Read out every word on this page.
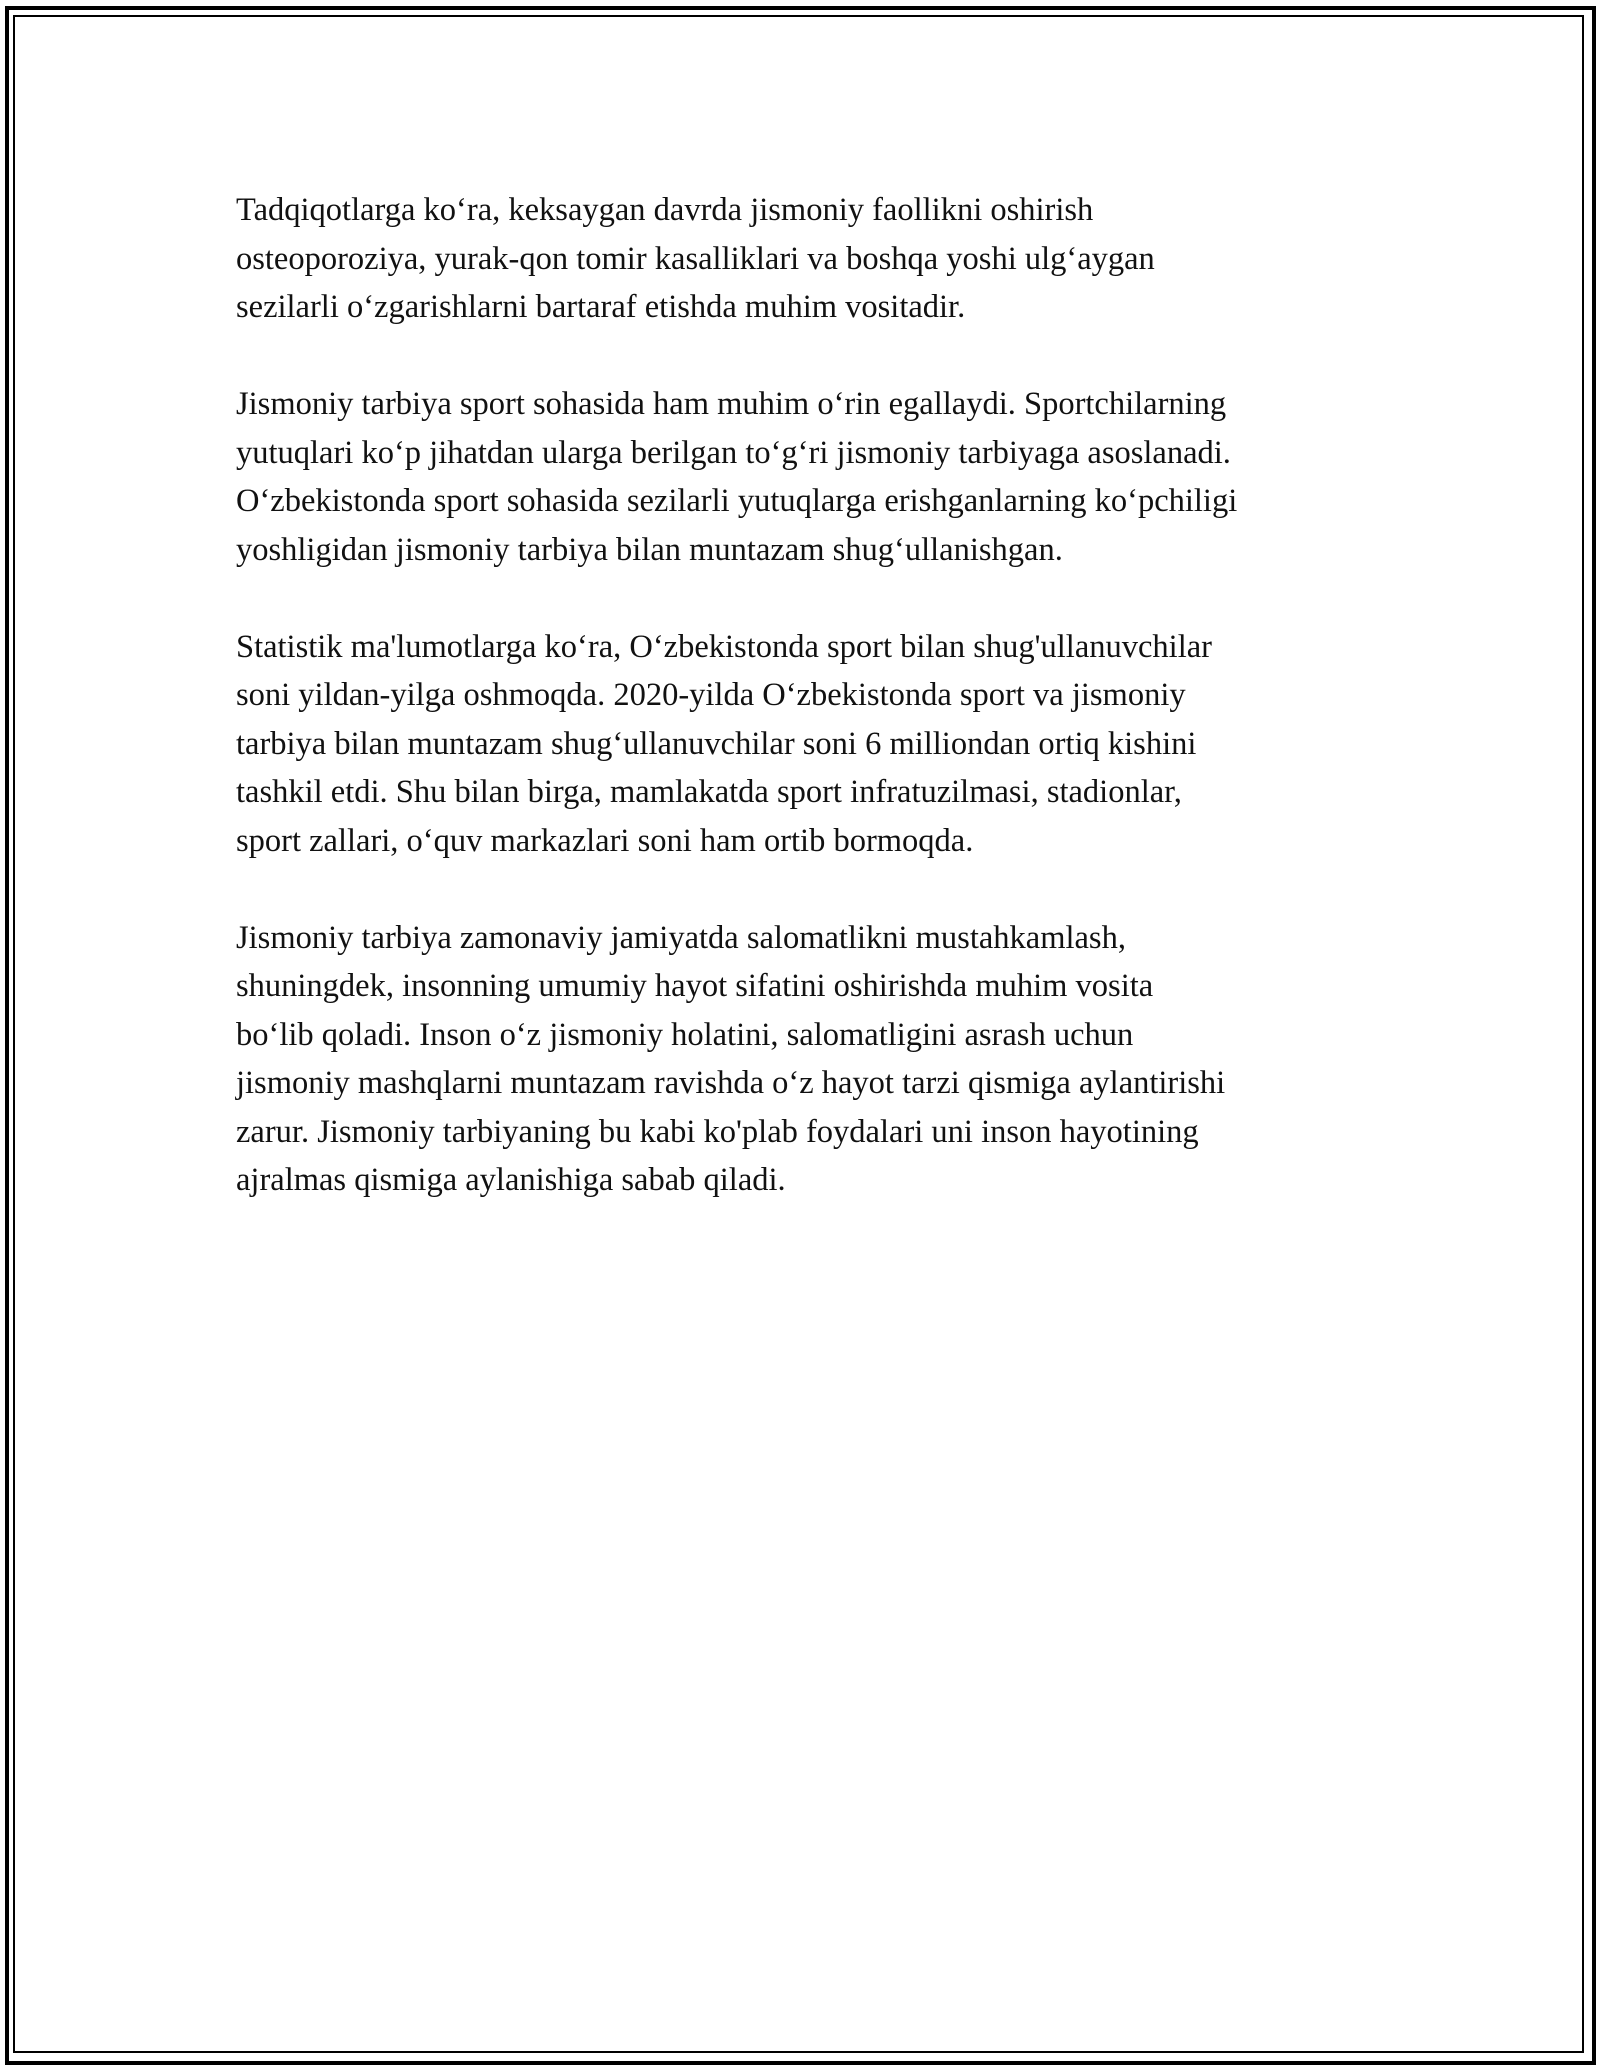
Tadqiqotlarga ko‘ra, keksaygan davrda jismoniy faollikni oshirish
osteoporoziya, yurak-qon tomir kasalliklari va boshqa yoshi ulg‘aygan
sezilarli o‘zgarishlarni bartaraf etishda muhim vositadir.

Jismoniy tarbiya sport sohasida ham muhim o‘rin egallaydi. Sportchilarning
yutuqlari ko‘p jihatdan ularga berilgan to‘g‘ri jismoniy tarbiyaga asoslanadi.
O‘zbekistonda sport sohasida sezilarli yutuqlarga erishganlarning ko‘pchiligi
yoshligidan jismoniy tarbiya bilan muntazam shug‘ullanishgan.

Statistik ma'lumotlarga ko‘ra, O‘zbekistonda sport bilan shug'ullanuvchilar
soni yildan-yilga oshmoqda. 2020-yilda O‘zbekistonda sport va jismoniy
tarbiya bilan muntazam shug‘ullanuvchilar soni 6 milliondan ortiq kishini
tashkil etdi. Shu bilan birga, mamlakatda sport infratuzilmasi, stadionlar,
sport zallari, o‘quv markazlari soni ham ortib bormoqda.

Jismoniy tarbiya zamonaviy jamiyatda salomatlikni mustahkamlash,
shuningdek, insonning umumiy hayot sifatini oshirishda muhim vosita
bo‘lib qoladi. Inson o‘z jismoniy holatini, salomatligini asrash uchun
jismoniy mashqlarni muntazam ravishda o‘z hayot tarzi qismiga aylantirishi
zarur. Jismoniy tarbiyaning bu kabi ko'plab foydalari uni inson hayotining
ajralmas qismiga aylanishiga sabab qiladi.
